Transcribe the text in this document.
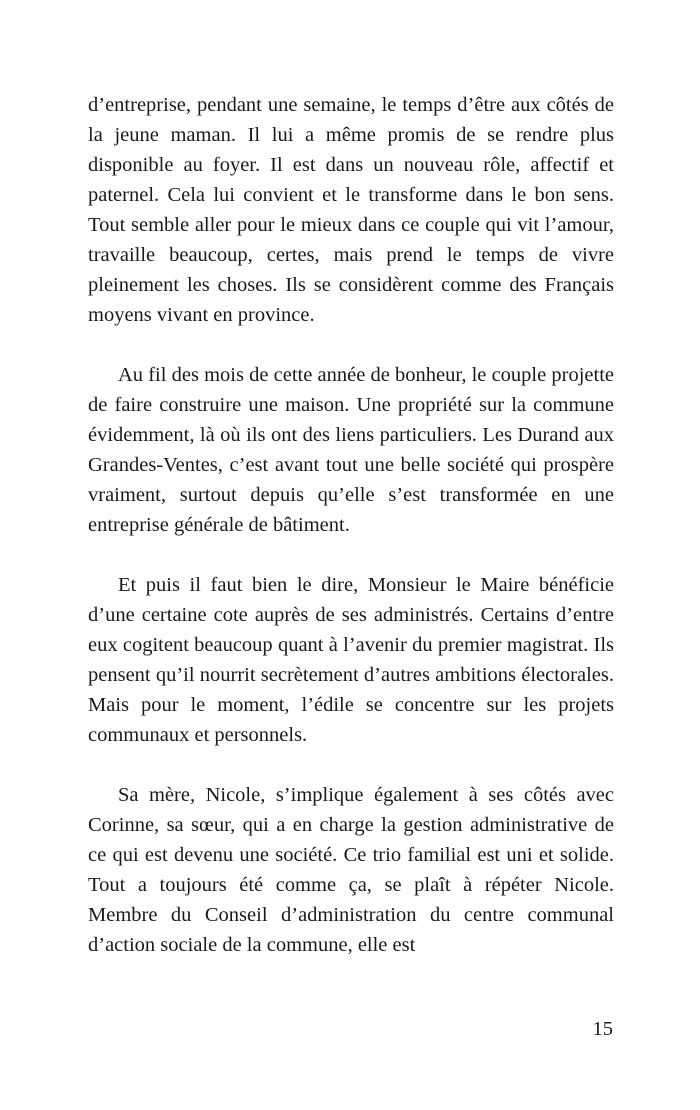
d’entreprise, pendant une semaine, le temps d’être aux côtés de la jeune maman. Il lui a même promis de se rendre plus disponible au foyer. Il est dans un nouveau rôle, affectif et paternel. Cela lui convient et le transforme dans le bon sens. Tout semble aller pour le mieux dans ce couple qui vit l’amour, travaille beaucoup, certes, mais prend le temps de vivre pleinement les choses. Ils se considèrent comme des Français moyens vivant en province.

Au fil des mois de cette année de bonheur, le couple projette de faire construire une maison. Une propriété sur la commune évidemment, là où ils ont des liens particuliers. Les Durand aux Grandes-Ventes, c’est avant tout une belle société qui prospère vraiment, surtout depuis qu’elle s’est transformée en une entreprise générale de bâtiment.

Et puis il faut bien le dire, Monsieur le Maire bénéficie d’une certaine cote auprès de ses administrés. Certains d’entre eux cogitent beaucoup quant à l’avenir du premier magistrat. Ils pensent qu’il nourrit secrètement d’autres ambitions électorales. Mais pour le moment, l’édile se concentre sur les projets communaux et personnels.

Sa mère, Nicole, s’implique également à ses côtés avec Corinne, sa sœur, qui a en charge la gestion administrative de ce qui est devenu une société. Ce trio familial est uni et solide. Tout a toujours été comme ça, se plaît à répéter Nicole. Membre du Conseil d’administration du centre communal d’action sociale de la commune, elle est

15
